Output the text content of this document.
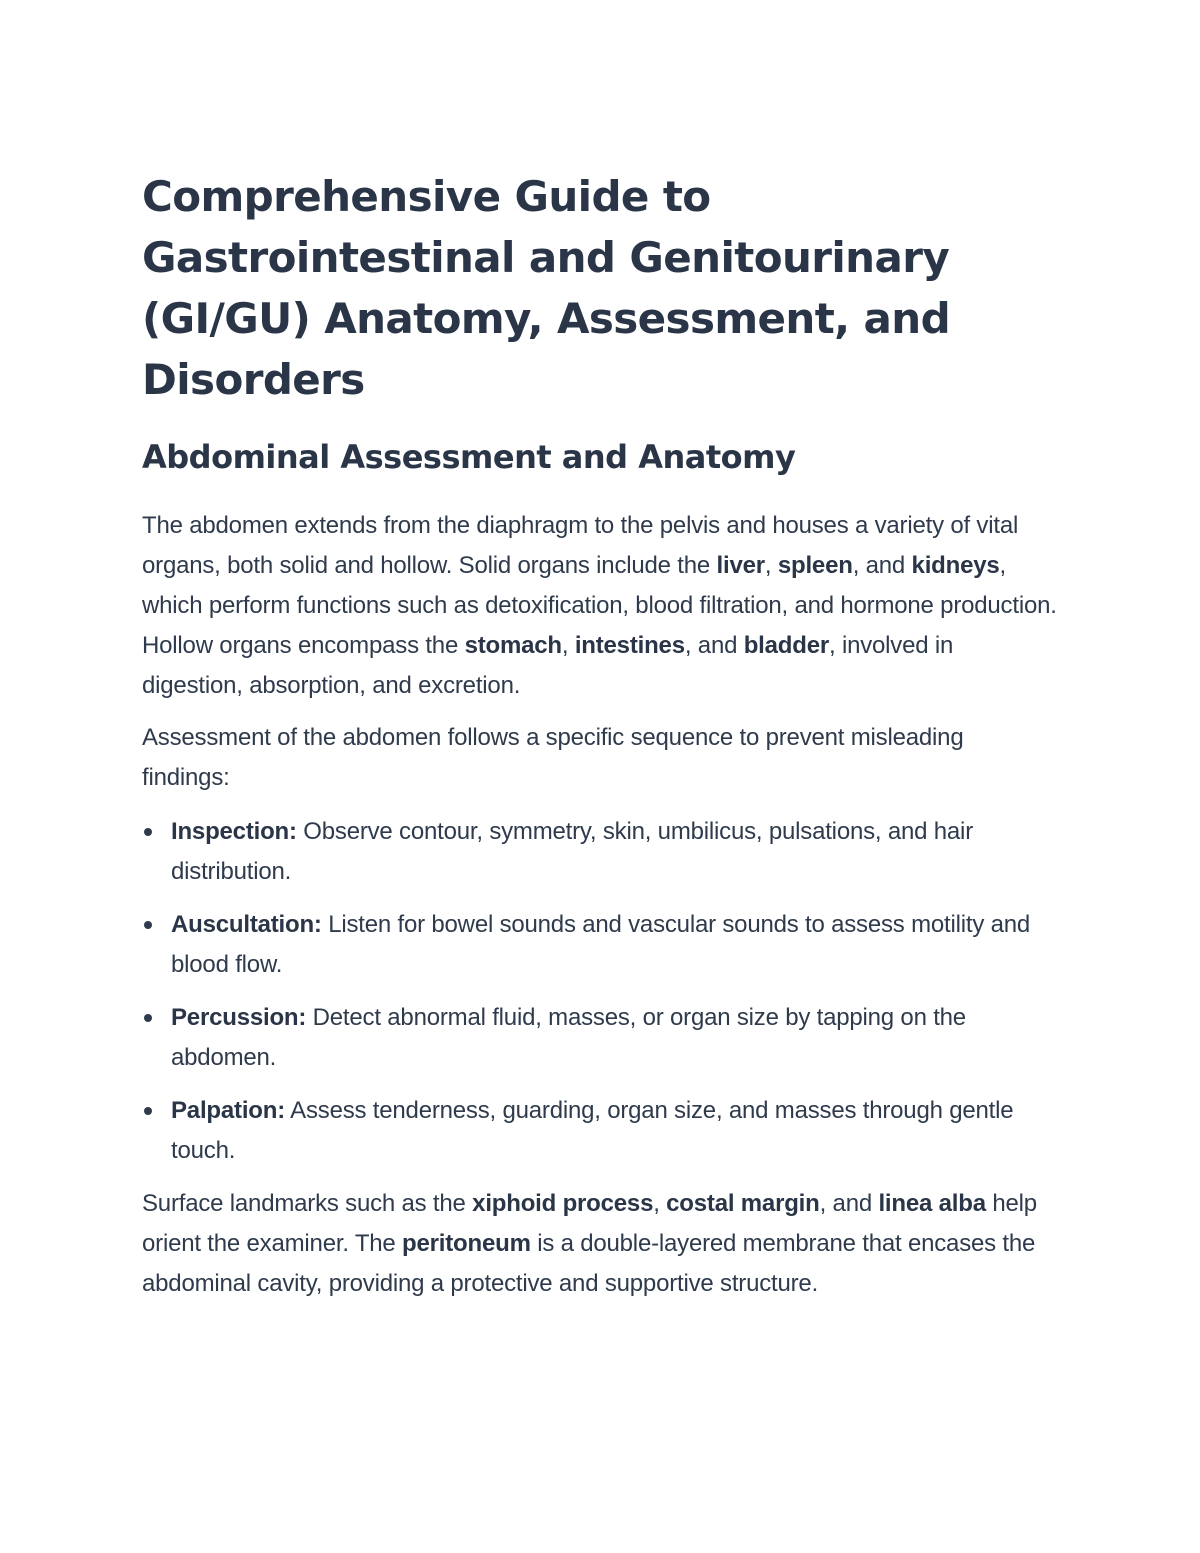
Comprehensive Guide to Gastrointestinal and Genitourinary (GI/GU) Anatomy, Assessment, and Disorders
Abdominal Assessment and Anatomy

The abdomen extends from the diaphragm to the pelvis and houses a variety of vital organs, both solid and hollow. Solid organs include the liver, spleen, and kidneys, which perform functions such as detoxification, blood filtration, and hormone production. Hollow organs encompass the stomach, intestines, and bladder, involved in digestion, absorption, and excretion.

Assessment of the abdomen follows a specific sequence to prevent misleading findings:

Inspection: Observe contour, symmetry, skin, umbilicus, pulsations, and hair distribution.
Auscultation: Listen for bowel sounds and vascular sounds to assess motility and blood flow.
Percussion: Detect abnormal fluid, masses, or organ size by tapping on the abdomen.
Palpation: Assess tenderness, guarding, organ size, and masses through gentle touch.

Surface landmarks such as the xiphoid process, costal margin, and linea alba help orient the examiner. The peritoneum is a double-layered membrane that encases the abdominal cavity, providing a protective and supportive structure.
